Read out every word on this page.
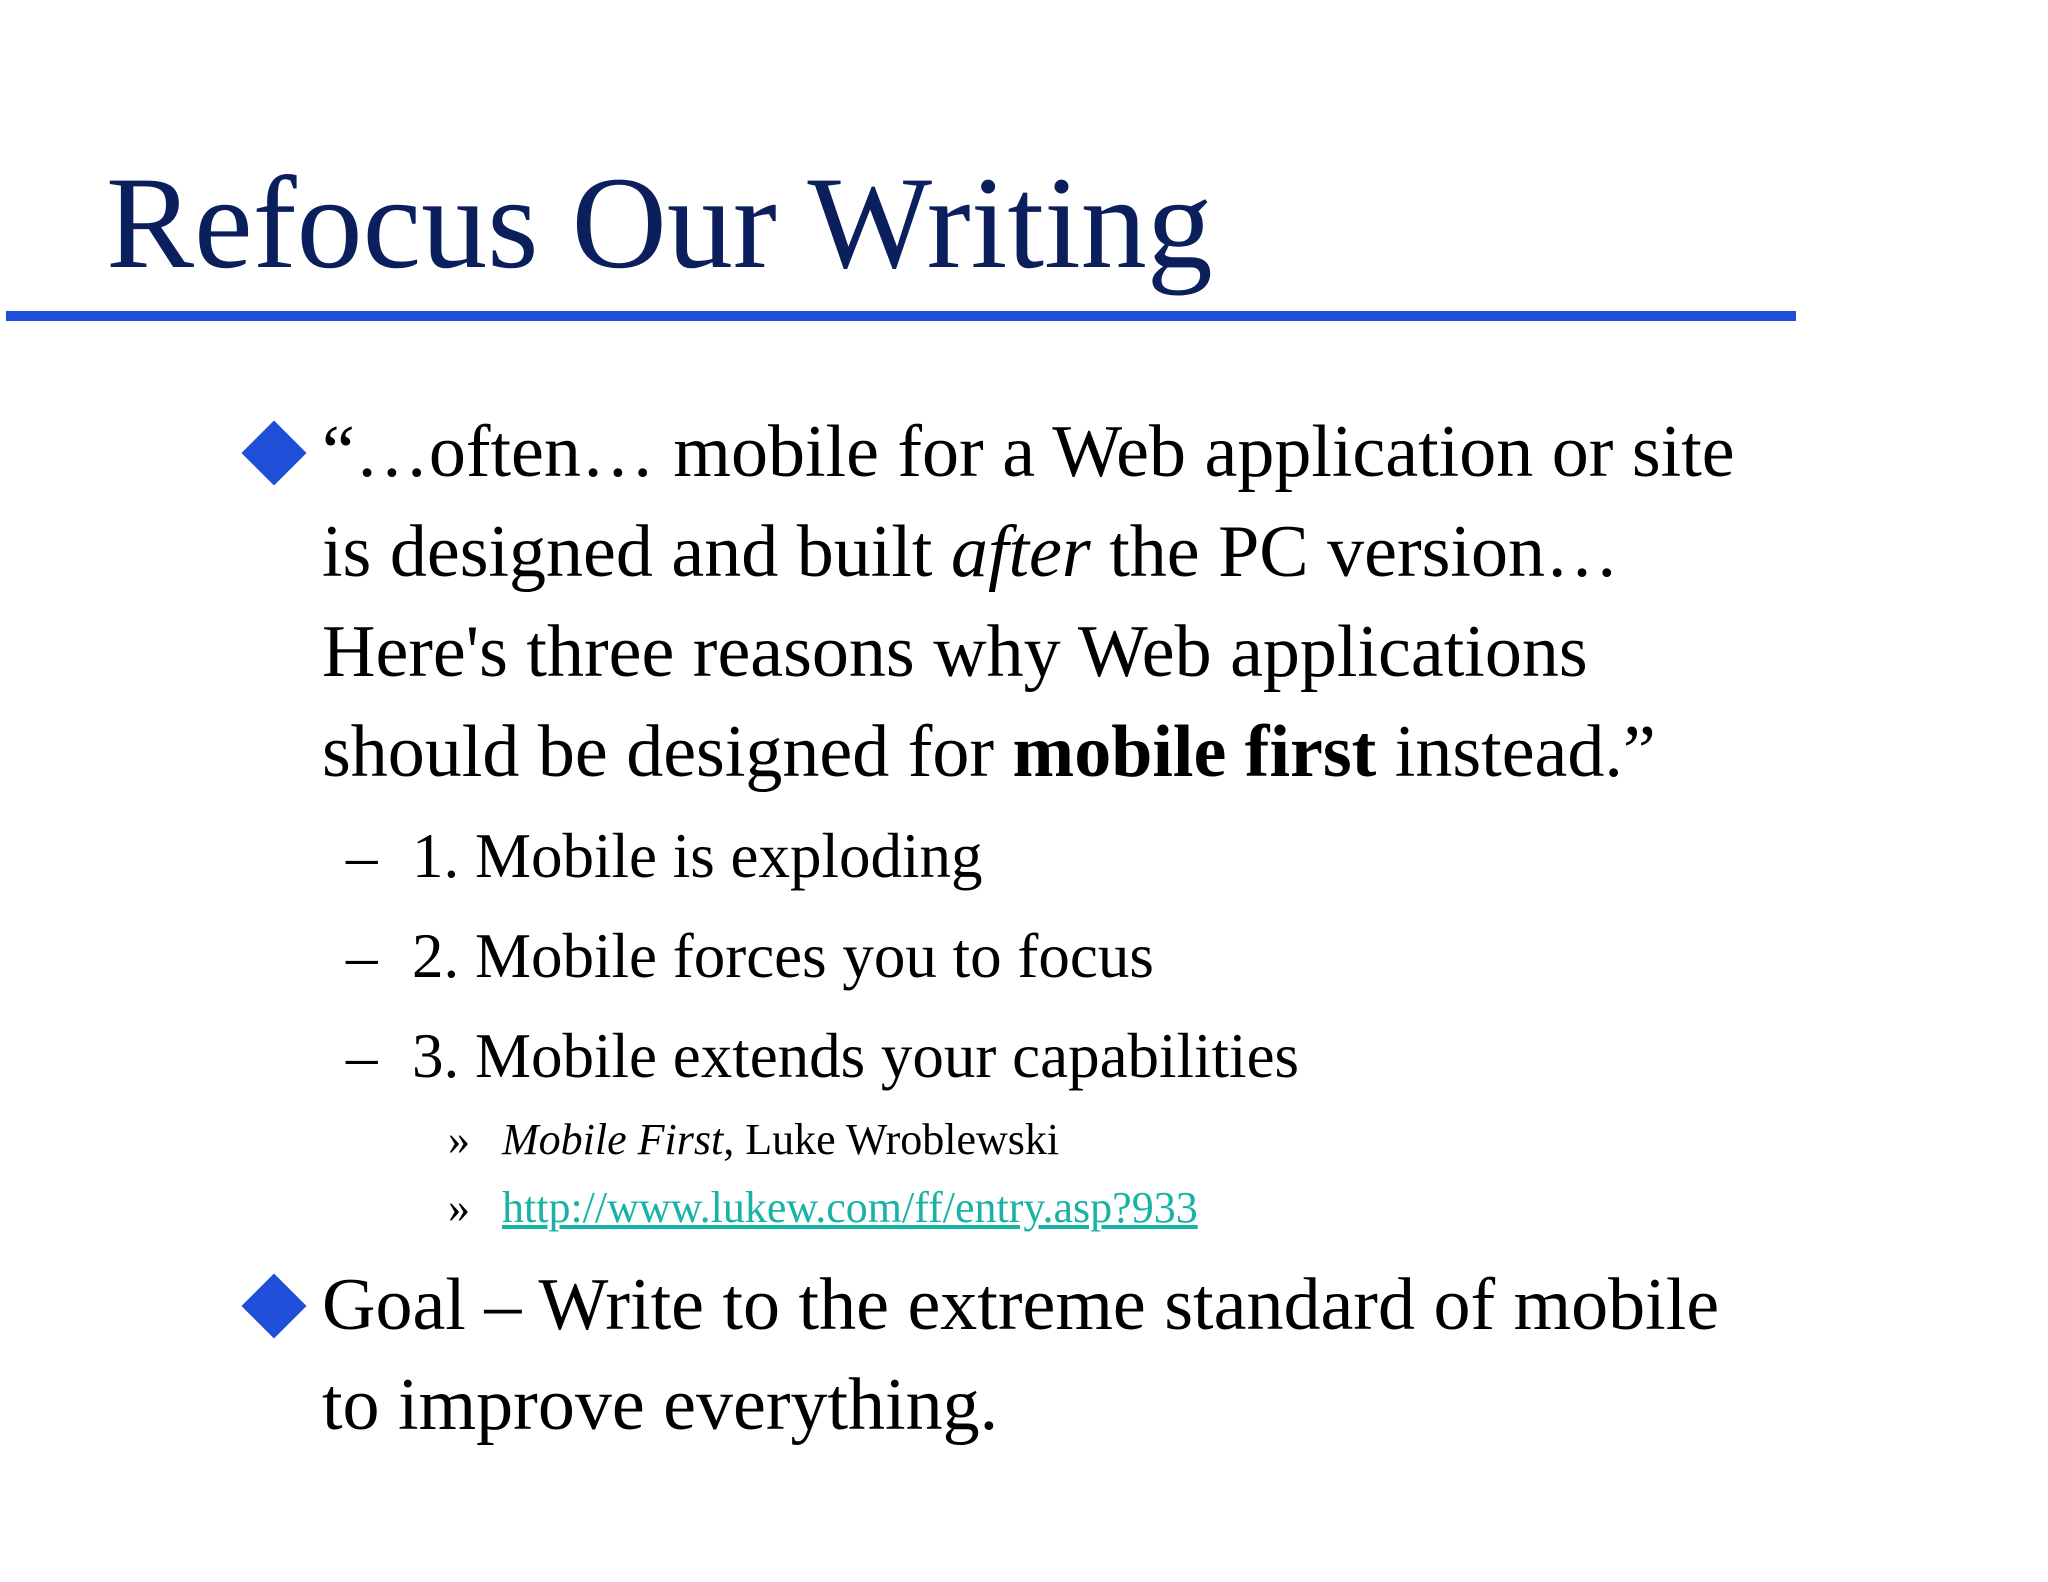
Refocus Our Writing

“…often… mobile for a Web application or site

is designed and built after the PC version…

Here's three reasons why Web applications

should be designed for mobile first instead.”

– 1. Mobile is exploding

– 2. Mobile forces you to focus

– 3. Mobile extends your capabilities

» Mobile First, Luke Wroblewski

» http://www.lukew.com/ff/entry.asp?933

Goal – Write to the extreme standard of mobile

to improve everything.
